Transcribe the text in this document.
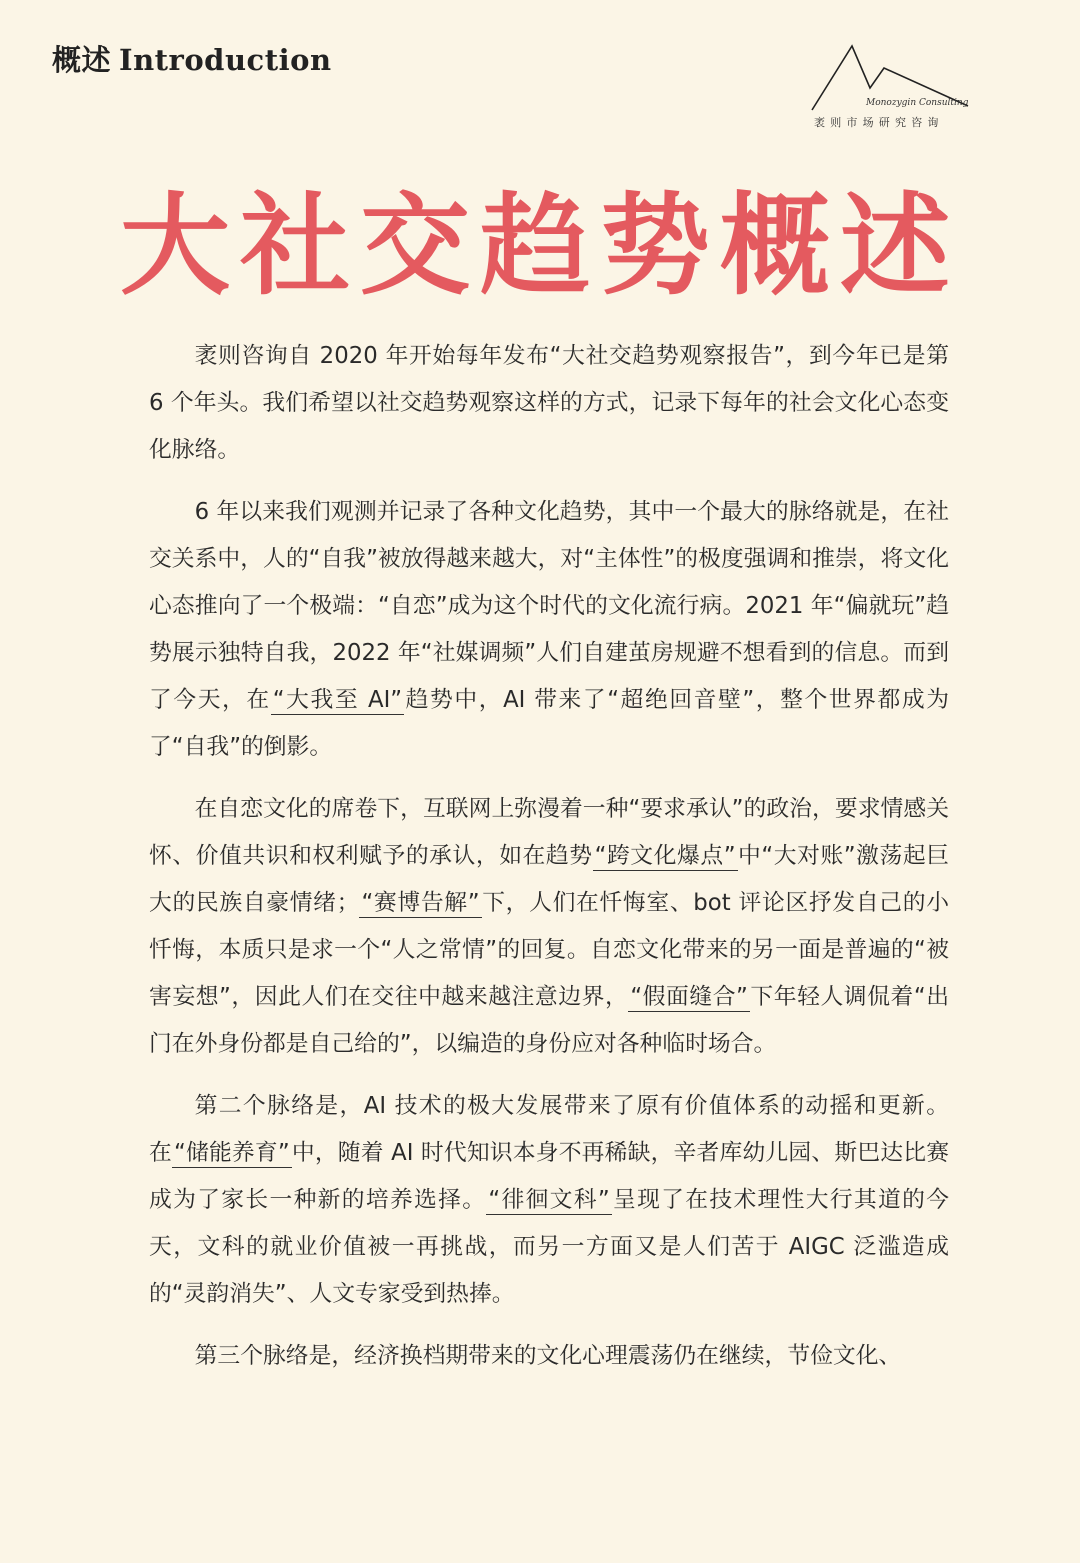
概述 Introduction
Monozygin Consulting
袤则市场研究咨询
大社交趋势概述

袤则咨询自 2020 年开始每年发布“大社交趋势观察报告”，到今年已是第 6 个年头。我们希望以社交趋势观察这样的方式，记录下每年的社会文化心态变化脉络。

6 年以来我们观测并记录了各种文化趋势，其中一个最大的脉络就是，在社交关系中，人的“自我”被放得越来越大，对“主体性”的极度强调和推崇，将文化心态推向了一个极端：“自恋”成为这个时代的文化流行病。2021 年“偏就玩”趋势展示独特自我，2022 年“社媒调频”人们自建茧房规避不想看到的信息。而到了今天，在“大我至 AI”趋势中，AI 带来了“超绝回音壁”，整个世界都成为了“自我”的倒影。

在自恋文化的席卷下，互联网上弥漫着一种“要求承认”的政治，要求情感关怀、价值共识和权利赋予的承认，如在趋势“跨文化爆点”中“大对账”激荡起巨大的民族自豪情绪；“赛博告解”下，人们在忏悔室、bot 评论区抒发自己的小忏悔，本质只是求一个“人之常情”的回复。自恋文化带来的另一面是普遍的“被害妄想”，因此人们在交往中越来越注意边界，“假面缝合”下年轻人调侃着“出门在外身份都是自己给的”，以编造的身份应对各种临时场合。

第二个脉络是，AI 技术的极大发展带来了原有价值体系的动摇和更新。在“储能养育”中，随着 AI 时代知识本身不再稀缺，辛者库幼儿园、斯巴达比赛成为了家长一种新的培养选择。“徘徊文科”呈现了在技术理性大行其道的今天，文科的就业价值被一再挑战，而另一方面又是人们苦于 AIGC 泛滥造成的“灵韵消失”、人文专家受到热捧。

第三个脉络是，经济换档期带来的文化心理震荡仍在继续，节俭文化、
